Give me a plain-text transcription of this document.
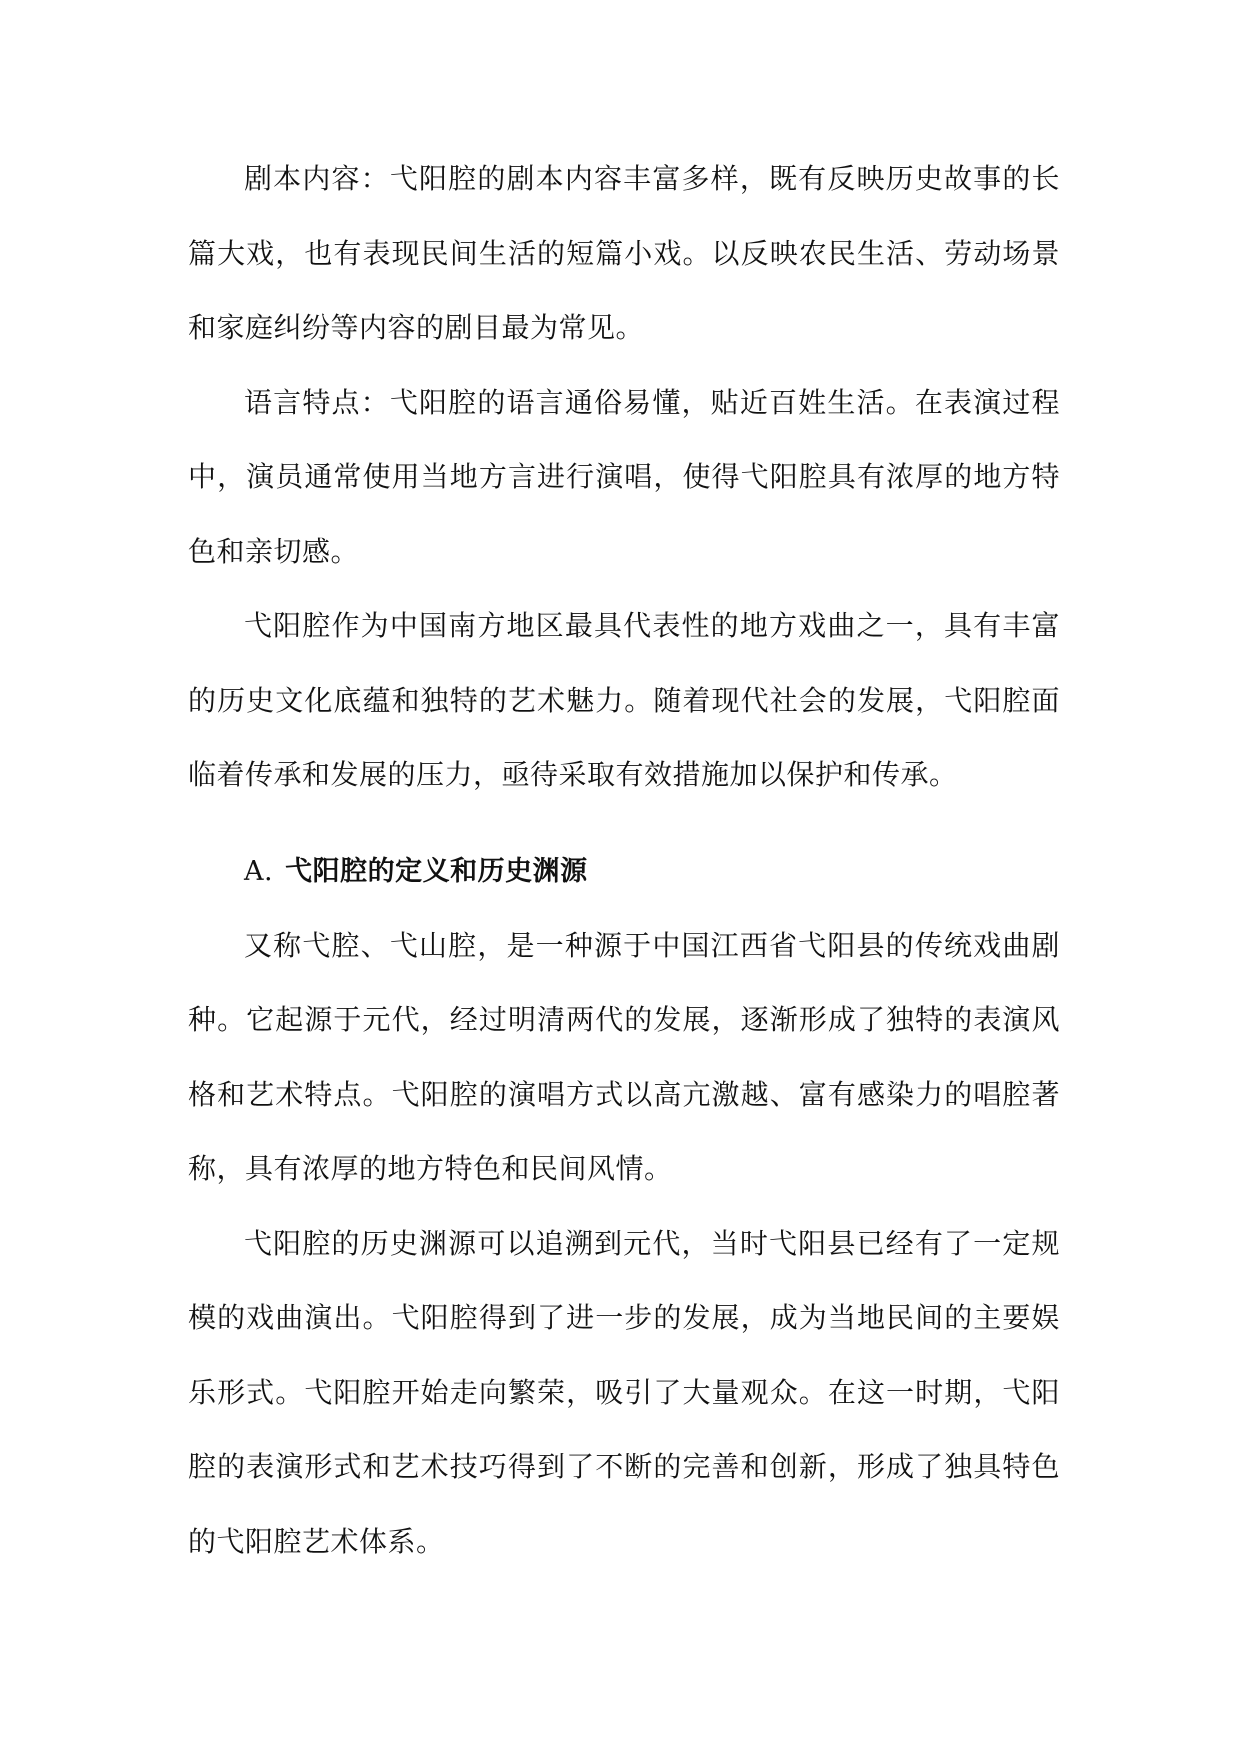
剧本内容：弋阳腔的剧本内容丰富多样，既有反映历史故事的长篇大戏，也有表现民间生活的短篇小戏。以反映农民生活、劳动场景和家庭纠纷等内容的剧目最为常见。

语言特点：弋阳腔的语言通俗易懂，贴近百姓生活。在表演过程中，演员通常使用当地方言进行演唱，使得弋阳腔具有浓厚的地方特色和亲切感。

弋阳腔作为中国南方地区最具代表性的地方戏曲之一，具有丰富的历史文化底蕴和独特的艺术魅力。随着现代社会的发展，弋阳腔面临着传承和发展的压力，亟待采取有效措施加以保护和传承。

A. 弋阳腔的定义和历史渊源

又称弋腔、弋山腔，是一种源于中国江西省弋阳县的传统戏曲剧种。它起源于元代，经过明清两代的发展，逐渐形成了独特的表演风格和艺术特点。弋阳腔的演唱方式以高亢激越、富有感染力的唱腔著称，具有浓厚的地方特色和民间风情。

弋阳腔的历史渊源可以追溯到元代，当时弋阳县已经有了一定规模的戏曲演出。弋阳腔得到了进一步的发展，成为当地民间的主要娱乐形式。弋阳腔开始走向繁荣，吸引了大量观众。在这一时期，弋阳腔的表演形式和艺术技巧得到了不断的完善和创新，形成了独具特色的弋阳腔艺术体系。
